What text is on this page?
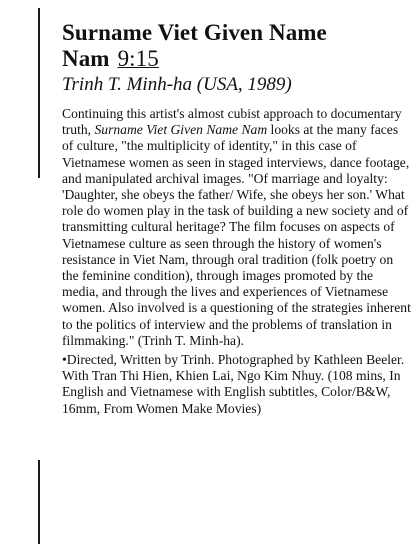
Surname Viet Given Name
Nam 9:15
Trinh T. Minh-ha (USA, 1989)

Continuing this artist's almost cubist approach to documentary truth, Surname Viet Given Name Nam looks at the many faces of culture, "the multiplicity of identity," in this case of Vietnamese women as seen in staged interviews, dance footage, and manipulated archival images. "Of marriage and loyalty: 'Daughter, she obeys the father/ Wife, she obeys her son.' What role do women play in the task of building a new society and of transmitting cultural heritage? The film focuses on aspects of Vietnamese culture as seen through the history of women's resistance in Viet Nam, through oral tradition (folk poetry on the feminine condition), through images promoted by the media, and through the lives and experiences of Vietnamese women. Also involved is a questioning of the strategies inherent to the politics of interview and the problems of translation in filmmaking." (Trinh T. Minh-ha).

•Directed, Written by Trinh. Photographed by Kathleen Beeler. With Tran Thi Hien, Khien Lai, Ngo Kim Nhuy. (108 mins, In English and Vietnamese with English subtitles, Color/B&W, 16mm, From Women Make Movies)
